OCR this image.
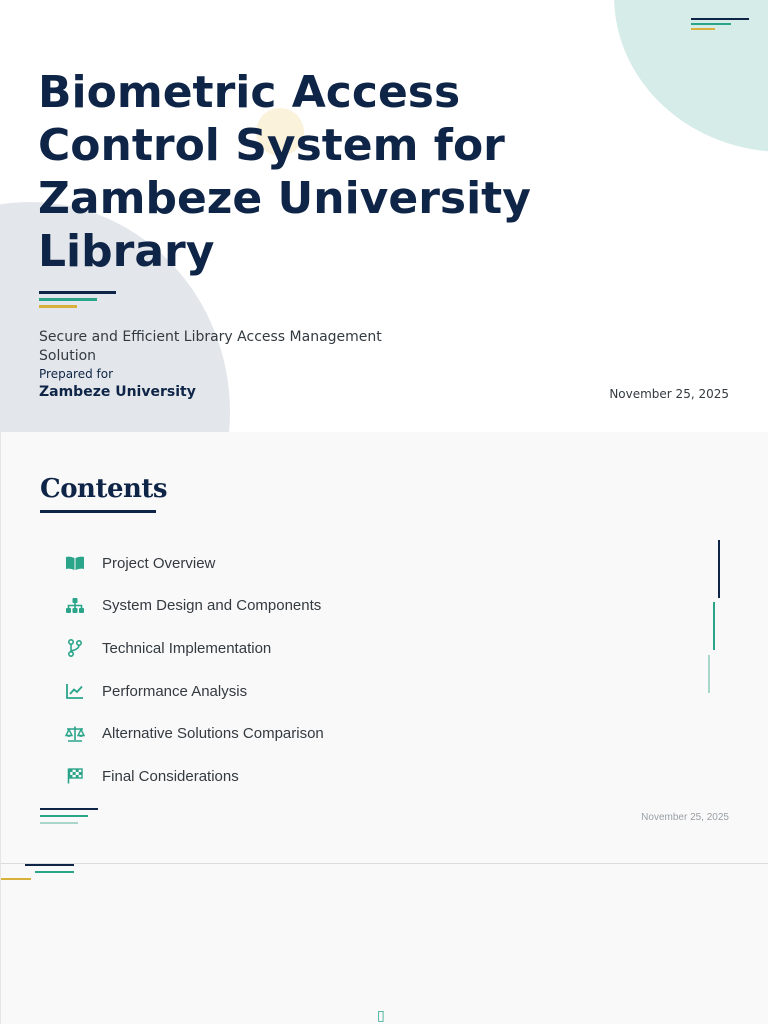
Biometric Access Control System for Zambeze University Library
Secure and Efficient Library Access Management Solution
Prepared for
Zambeze University	November 25, 2025
Contents
Project Overview
System Design and Components
Technical Implementation
Performance Analysis
Alternative Solutions Comparison
Final Considerations
November 25, 2025
▯
